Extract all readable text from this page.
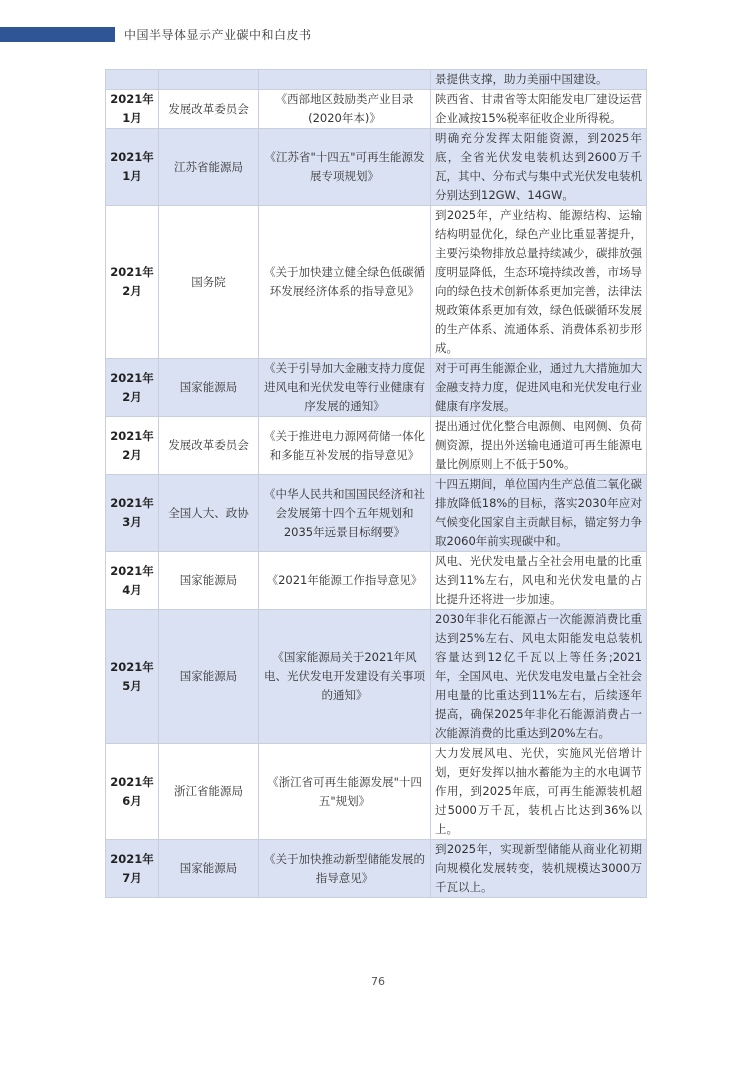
中国半导体显示产业碳中和白皮书
			景提供支撑，助力美丽中国建设。
2021年1月	发展改革委员会	《西部地区鼓励类产业目录(2020年本)》	陕西省、甘肃省等太阳能发电厂建设运营企业减按15%税率征收企业所得税。
2021年1月	江苏省能源局	《江苏省"十四五"可再生能源发展专项规划》	明确充分发挥太阳能资源，到2025年底，全省光伏发电装机达到2600万千瓦，其中、分布式与集中式光伏发电装机分别达到12GW、14GW。
2021年2月	国务院	《关于加快建立健全绿色低碳循环发展经济体系的指导意见》	到2025年，产业结构、能源结构、运输结构明显优化，绿色产业比重显著提升，主要污染物排放总量持续减少，碳排放强度明显降低，生态环境持续改善，市场导向的绿色技术创新体系更加完善，法律法规政策体系更加有效，绿色低碳循环发展的生产体系、流通体系、消费体系初步形成。
2021年2月	国家能源局	《关于引导加大金融支持力度促进风电和光伏发电等行业健康有序发展的通知》	对于可再生能源企业，通过九大措施加大金融支持力度，促进风电和光伏发电行业健康有序发展。
2021年2月	发展改革委员会	《关于推进电力源网荷储一体化和多能互补发展的指导意见》	提出通过优化整合电源侧、电网侧、负荷侧资源，提出外送输电通道可再生能源电量比例原则上不低于50%。
2021年3月	全国人大、政协	《中华人民共和国国民经济和社会发展第十四个五年规划和2035年远景目标纲要》	十四五期间，单位国内生产总值二氧化碳排放降低18%的目标，落实2030年应对气候变化国家自主贡献目标，锚定努力争取2060年前实现碳中和。
2021年4月	国家能源局	《2021年能源工作指导意见》	风电、光伏发电量占全社会用电量的比重达到11%左右，风电和光伏发电量的占比提升还将进一步加速。
2021年5月	国家能源局	《国家能源局关于2021年风电、光伏发电开发建设有关事项的通知》	2030年非化石能源占一次能源消费比重达到25%左右、风电太阳能发电总装机容量达到12亿千瓦以上等任务;2021年，全国风电、光伏发电发电量占全社会用电量的比重达到11%左右，后续逐年提高，确保2025年非化石能源消费占一次能源消费的比重达到20%左右。
2021年6月	浙江省能源局	《浙江省可再生能源发展"十四五"规划》	大力发展风电、光伏，实施风光倍增计划，更好发挥以抽水蓄能为主的水电调节作用，到2025年底，可再生能源装机超过5000万千瓦，装机占比达到36%以上。
2021年7月	国家能源局	《关于加快推动新型储能发展的指导意见》	到2025年，实现新型储能从商业化初期向规模化发展转变，装机规模达3000万千瓦以上。
76
